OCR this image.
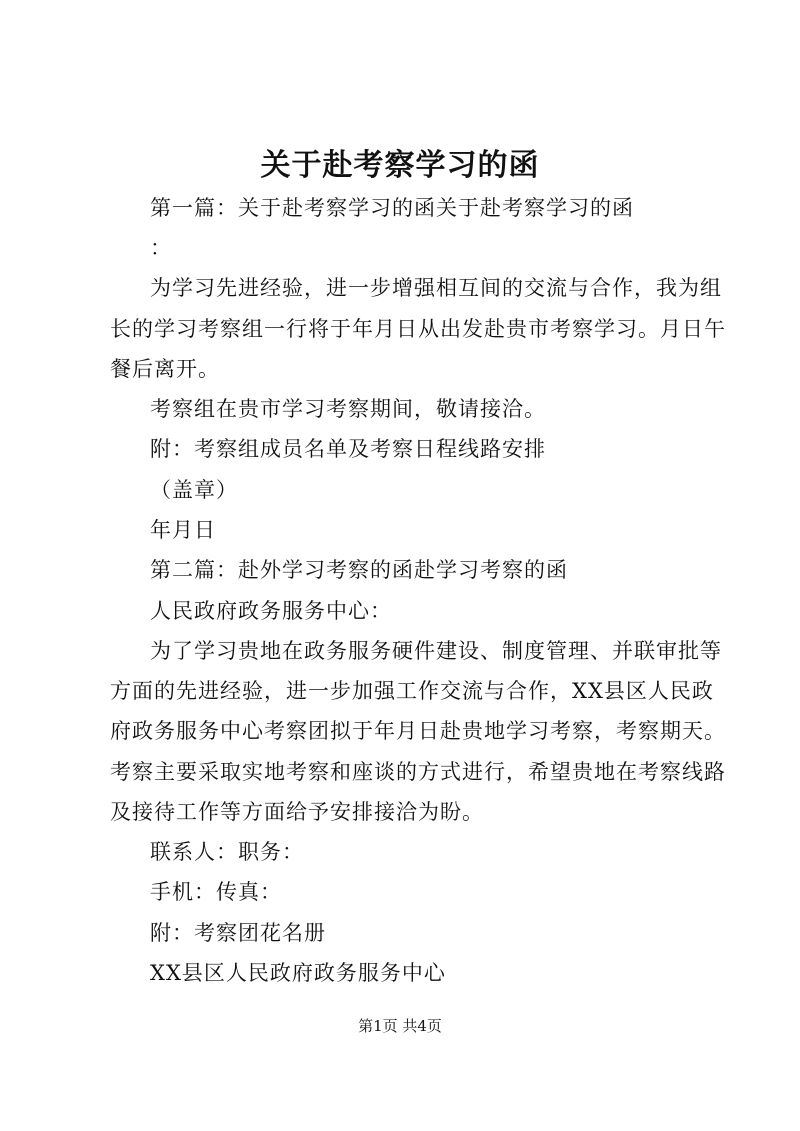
关于赴考察学习的函
第一篇：关于赴考察学习的函关于赴考察学习的函
：
为学习先进经验，进一步增强相互间的交流与合作，我为组
长的学习考察组一行将于年月日从出发赴贵市考察学习。月日午
餐后离开。
考察组在贵市学习考察期间，敬请接洽。
附：考察组成员名单及考察日程线路安排
（盖章）
年月日
第二篇：赴外学习考察的函赴学习考察的函
人民政府政务服务中心：
为了学习贵地在政务服务硬件建设、制度管理、并联审批等
方面的先进经验，进一步加强工作交流与合作，XX县区人民政
府政务服务中心考察团拟于年月日赴贵地学习考察，考察期天。
考察主要采取实地考察和座谈的方式进行，希望贵地在考察线路
及接待工作等方面给予安排接洽为盼。
联系人：职务：
手机：传真：
附：考察团花名册
XX县区人民政府政务服务中心
第1页 共4页
